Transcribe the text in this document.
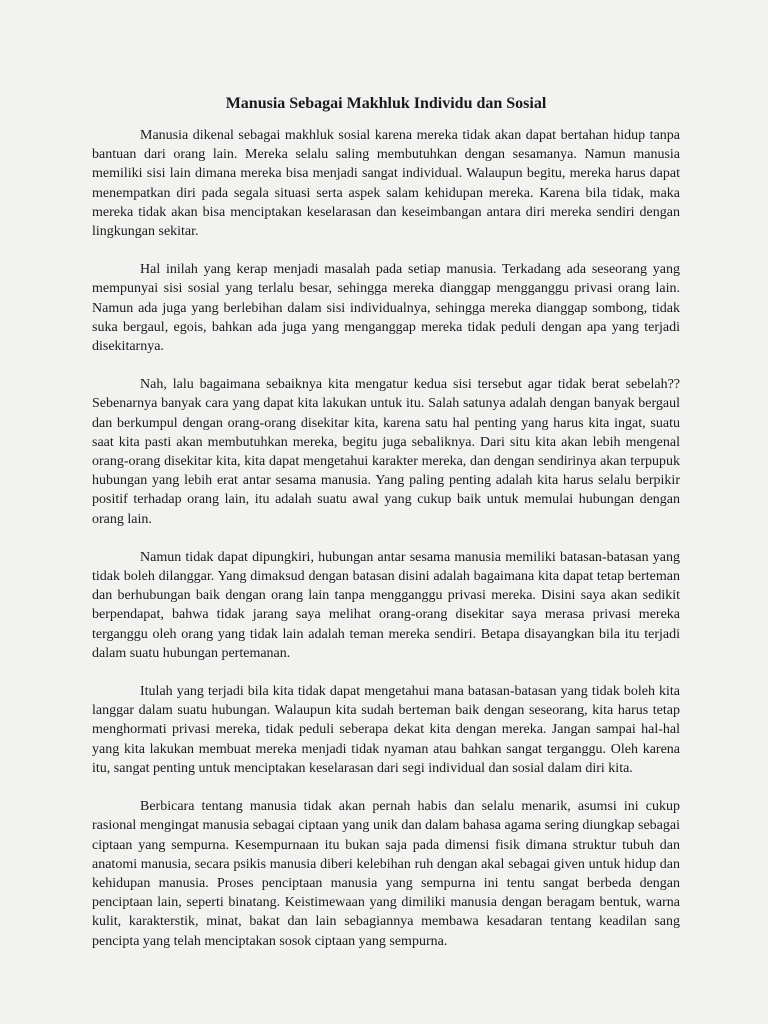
Manusia Sebagai Makhluk Individu dan Sosial

Manusia dikenal sebagai makhluk sosial karena mereka tidak akan dapat bertahan hidup tanpa bantuan dari orang lain. Mereka selalu saling membutuhkan dengan sesamanya. Namun manusia memiliki sisi lain dimana mereka bisa menjadi sangat individual. Walaupun begitu, mereka harus dapat menempatkan diri pada segala situasi serta aspek salam kehidupan mereka. Karena bila tidak, maka mereka tidak akan bisa menciptakan keselarasan dan keseimbangan antara diri mereka sendiri dengan lingkungan sekitar.

Hal inilah yang kerap menjadi masalah pada setiap manusia. Terkadang ada seseorang yang mempunyai sisi sosial yang terlalu besar, sehingga mereka dianggap mengganggu privasi orang lain. Namun ada juga yang berlebihan dalam sisi individualnya, sehingga mereka dianggap sombong, tidak suka bergaul, egois, bahkan ada juga yang menganggap mereka tidak peduli dengan apa yang terjadi disekitarnya.

Nah, lalu bagaimana sebaiknya kita mengatur kedua sisi tersebut agar tidak berat sebelah?? Sebenarnya banyak cara yang dapat kita lakukan untuk itu. Salah satunya adalah dengan banyak bergaul dan berkumpul dengan orang-orang disekitar kita, karena satu hal penting yang harus kita ingat, suatu saat kita pasti akan membutuhkan mereka, begitu juga sebaliknya. Dari situ kita akan lebih mengenal orang-orang disekitar kita, kita dapat mengetahui karakter mereka, dan dengan sendirinya akan terpupuk hubungan yang lebih erat antar sesama manusia. Yang paling penting adalah kita harus selalu berpikir positif terhadap orang lain, itu adalah suatu awal yang cukup baik untuk memulai hubungan dengan orang lain.

Namun tidak dapat dipungkiri, hubungan antar sesama manusia memiliki batasan-batasan yang tidak boleh dilanggar. Yang dimaksud dengan batasan disini adalah bagaimana kita dapat tetap berteman dan berhubungan baik dengan orang lain tanpa mengganggu privasi mereka. Disini saya akan sedikit berpendapat, bahwa tidak jarang saya melihat orang-orang disekitar saya merasa privasi mereka terganggu oleh orang yang tidak lain adalah teman mereka sendiri. Betapa disayangkan bila itu terjadi dalam suatu hubungan pertemanan.

Itulah yang terjadi bila kita tidak dapat mengetahui mana batasan-batasan yang tidak boleh kita langgar dalam suatu hubungan. Walaupun kita sudah berteman baik dengan seseorang, kita harus tetap menghormati privasi mereka, tidak peduli seberapa dekat kita dengan mereka. Jangan sampai hal-hal yang kita lakukan membuat mereka menjadi tidak nyaman atau bahkan sangat terganggu. Oleh karena itu, sangat penting untuk menciptakan keselarasan dari segi individual dan sosial dalam diri kita.

Berbicara tentang manusia tidak akan pernah habis dan selalu menarik, asumsi ini cukup rasional mengingat manusia sebagai ciptaan yang unik dan dalam bahasa agama sering diungkap sebagai ciptaan yang sempurna. Kesempurnaan itu bukan saja pada dimensi fisik dimana struktur tubuh dan anatomi manusia, secara psikis manusia diberi kelebihan ruh dengan akal sebagai given untuk hidup dan kehidupan manusia. Proses penciptaan manusia yang sempurna ini tentu sangat berbeda dengan penciptaan lain, seperti binatang. Keistimewaan yang dimiliki manusia dengan beragam bentuk, warna kulit, karakterstik, minat, bakat dan lain sebagiannya membawa kesadaran tentang keadilan sang pencipta yang telah menciptakan sosok ciptaan yang sempurna.
